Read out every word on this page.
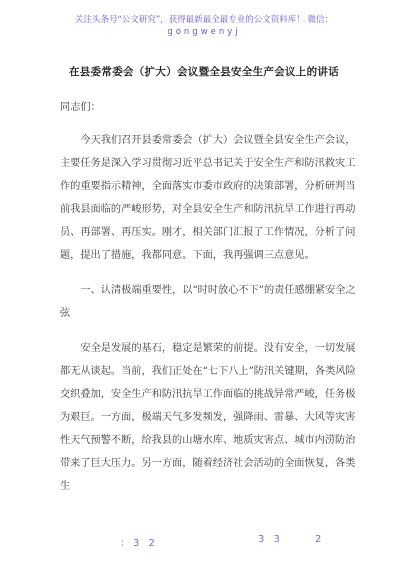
关注头条号“公文研究”，获得最新最全最专业的公文资料库！ 微信：
gongwenyj
在县委常委会（扩大）会议暨全县安全生产会议上的讲话

同志们：

今天我们召开县委常委会（扩大）会议暨全县安全生产会议，主要任务是深入学习贯彻习近平总书记关于安全生产和防汛救灾工作的重要指示精神，全面落实市委市政府的决策部署，分析研判当前我县面临的严峻形势，对全县安全生产和防汛抗旱工作进行再动员、再部署、再压实。刚才，相关部门汇报了工作情况，分析了问题，提出了措施，我都同意。下面，我再强调三点意见。

一、认清极端重要性，以“时时放心不下”的责任感绷紧安全之弦

安全是发展的基石，稳定是繁荣的前提。没有安全，一切发展都无从谈起。当前，我们正处在“七下八上”防汛关键期，各类风险交织叠加，安全生产和防汛抗旱工作面临的挑战异常严峻，任务极为艰巨。一方面，极端天气多发频发，强降雨、雷暴、大风等灾害性天气预警不断，给我县的山塘水库、地质灾害点、城市内涝防治带来了巨大压力。另一方面，随着经济社会活动的全面恢复，各类生

：3 2	3 3	2
